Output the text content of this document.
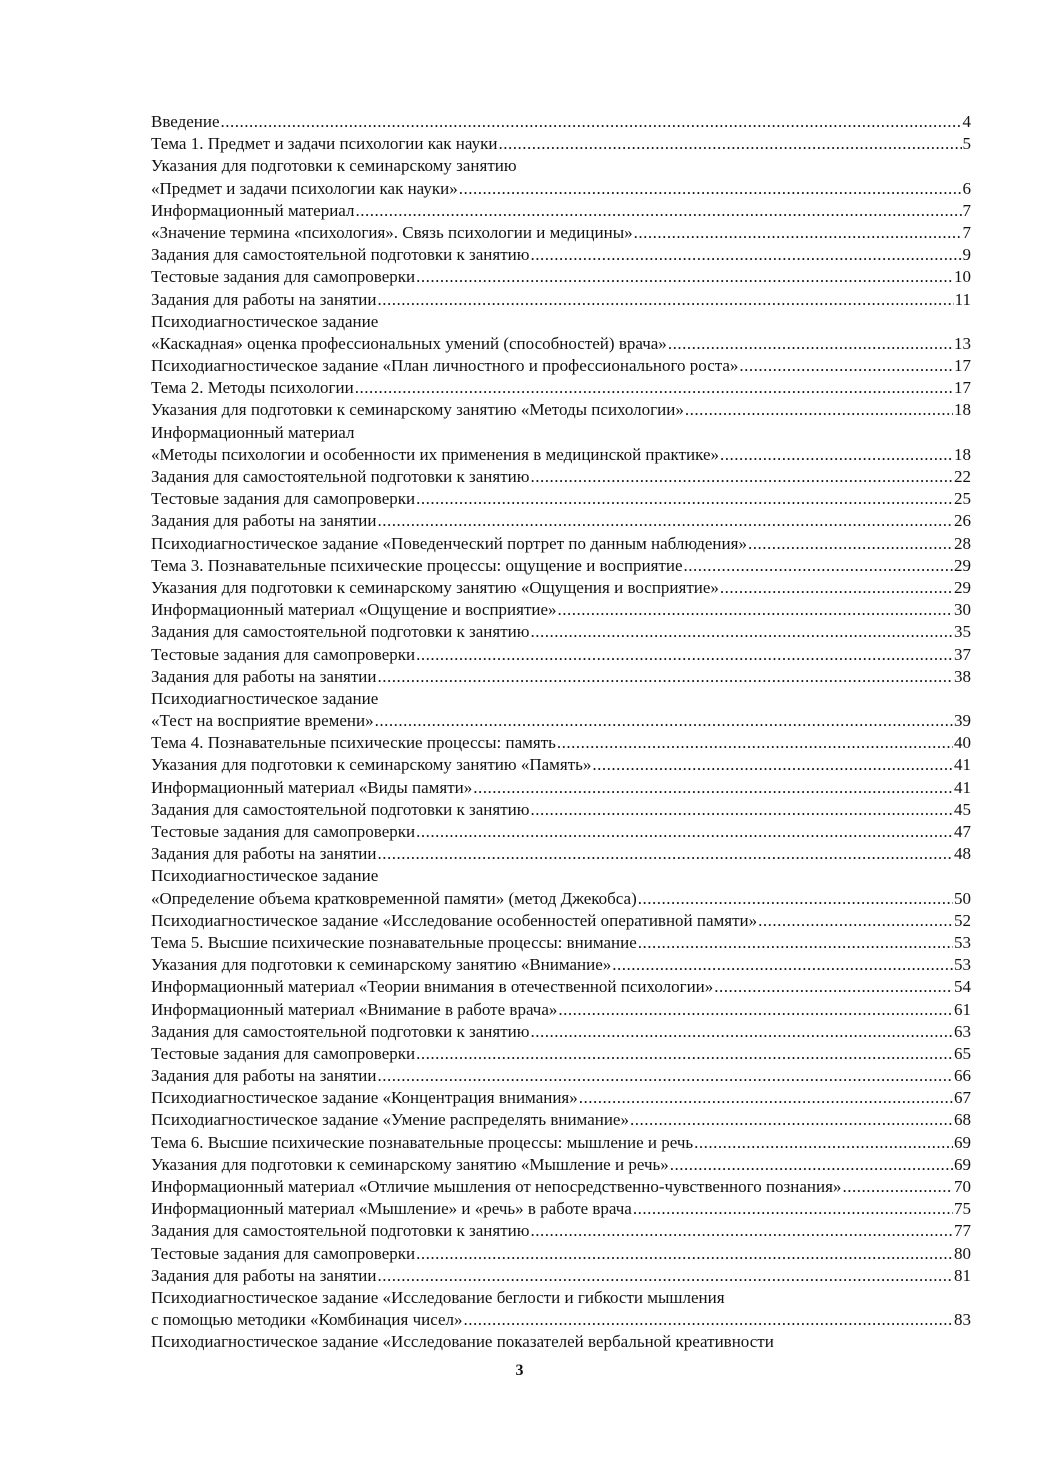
Введение .....	4
Тема 1. Предмет и задачи психологии как науки .....	5
Указания для подготовки к семинарскому занятию
«Предмет и задачи психологии как науки» .....	6
Информационный материал .....	7
«Значение термина «психология». Связь психологии и медицины» .....	7
Задания для самостоятельной подготовки к занятию .....	9
Тестовые задания для самопроверки .....	10
Задания для работы на занятии .....	11
Психодиагностическое задание
«Каскадная» оценка профессиональных умений (способностей) врача» .....	13
Психодиагностическое задание «План личностного и профессионального роста» .....	17
Тема 2. Методы психологии .....	17
Указания для подготовки к семинарскому занятию «Методы психологии» .....	18
Информационный материал
«Методы психологии и особенности их применения в медицинской практике» .....	18
Задания для самостоятельной подготовки к занятию .....	22
Тестовые задания для самопроверки .....	25
Задания для работы на занятии .....	26
Психодиагностическое задание «Поведенческий портрет по данным наблюдения» .....	28
Тема 3. Познавательные психические процессы: ощущение и восприятие .....	29
Указания для подготовки к семинарскому занятию «Ощущения и восприятие» .....	29
Информационный материал «Ощущение и восприятие» .....	30
Задания для самостоятельной подготовки к занятию .....	35
Тестовые задания для самопроверки .....	37
Задания для работы на занятии .....	38
Психодиагностическое задание
«Тест на восприятие времени» .....	39
Тема 4. Познавательные психические процессы: память .....	40
Указания для подготовки к семинарскому занятию «Память» .....	41
Информационный материал «Виды памяти» .....	41
Задания для самостоятельной подготовки к занятию .....	45
Тестовые задания для самопроверки .....	47
Задания для работы на занятии .....	48
Психодиагностическое задание
«Определение объема кратковременной памяти» (метод Джекобса) .....	50
Психодиагностическое задание «Исследование особенностей оперативной памяти» .....	52
Тема 5. Высшие психические познавательные процессы: внимание .....	53
Указания для подготовки к семинарскому занятию «Внимание» .....	53
Информационный материал «Теории внимания в отечественной психологии» .....	54
Информационный материал «Внимание в работе врача» .....	61
Задания для самостоятельной подготовки к занятию .....	63
Тестовые задания для самопроверки .....	65
Задания для работы на занятии .....	66
Психодиагностическое задание «Концентрация внимания» .....	67
Психодиагностическое задание «Умение распределять внимание» .....	68
Тема 6. Высшие психические познавательные процессы: мышление и речь .....	69
Указания для подготовки к семинарскому занятию «Мышление и речь» .....	69
Информационный материал «Отличие мышления от непосредственно-чувственного познания» .....	70
Информационный материал «Мышление» и «речь» в работе врача .....	75
Задания для самостоятельной подготовки к занятию .....	77
Тестовые задания для самопроверки .....	80
Задания для работы на занятии .....	81
Психодиагностическое задание «Исследование беглости и гибкости мышления
с помощью методики «Комбинация чисел» .....	83
Психодиагностическое задание «Исследование показателей вербальной креативности
3
